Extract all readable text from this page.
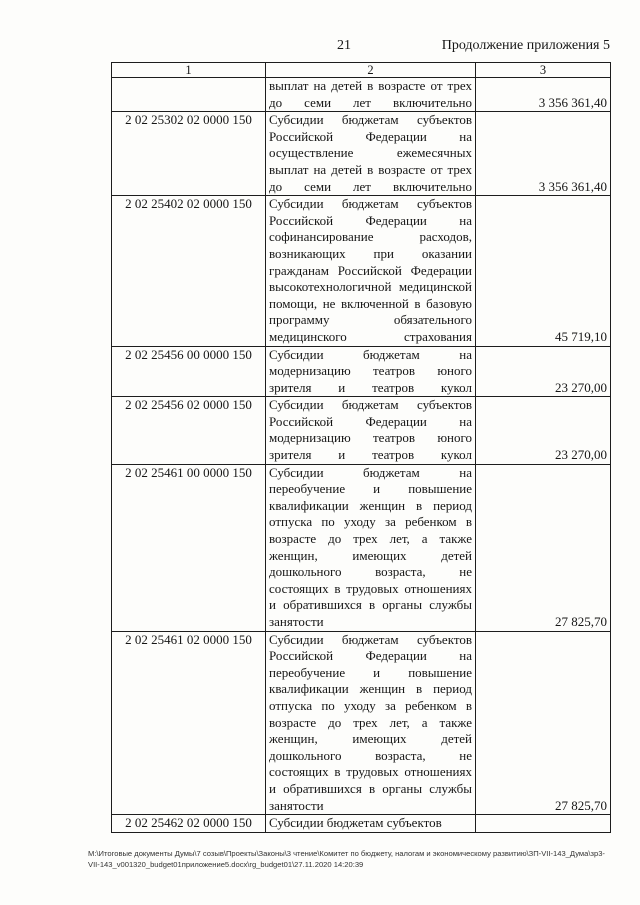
21	Продолжение приложения 5
1	2	3
	выплат на детей в возрасте от трех до семи лет включительно	3 356 361,40
2 02 25302 02 0000 150	Субсидии бюджетам субъектов Российской Федерации на осуществление ежемесячных выплат на детей в возрасте от трех до семи лет включительно	3 356 361,40
2 02 25402 02 0000 150	Субсидии бюджетам субъектов Российской Федерации на софинансирование расходов, возникающих при оказании гражданам Российской Федерации высокотехнологичной медицинской помощи, не включенной в базовую программу обязательного медицинского страхования	45 719,10
2 02 25456 00 0000 150	Субсидии бюджетам на модернизацию театров юного зрителя и театров кукол	23 270,00
2 02 25456 02 0000 150	Субсидии бюджетам субъектов Российской Федерации на модернизацию театров юного зрителя и театров кукол	23 270,00
2 02 25461 00 0000 150	Субсидии бюджетам на переобучение и повышение квалификации женщин в период отпуска по уходу за ребенком в возрасте до трех лет, а также женщин, имеющих детей дошкольного возраста, не состоящих в трудовых отношениях и обратившихся в органы службы занятости	27 825,70
2 02 25461 02 0000 150	Субсидии бюджетам субъектов Российской Федерации на переобучение и повышение квалификации женщин в период отпуска по уходу за ребенком в возрасте до трех лет, а также женщин, имеющих детей дошкольного возраста, не состоящих в трудовых отношениях и обратившихся в органы службы занятости	27 825,70
2 02 25462 02 0000 150	Субсидии бюджетам субъектов	
М:\Итоговые документы Думы\7 созыв\Проекты\Законы\3 чтение\Комитет по бюджету, налогам и экономическому развитию\ЗП-VII-143_Дума\зр3-VII-143_v001320_budget01приложение5.docx\rg_budget01\27.11.2020 14:20:39
